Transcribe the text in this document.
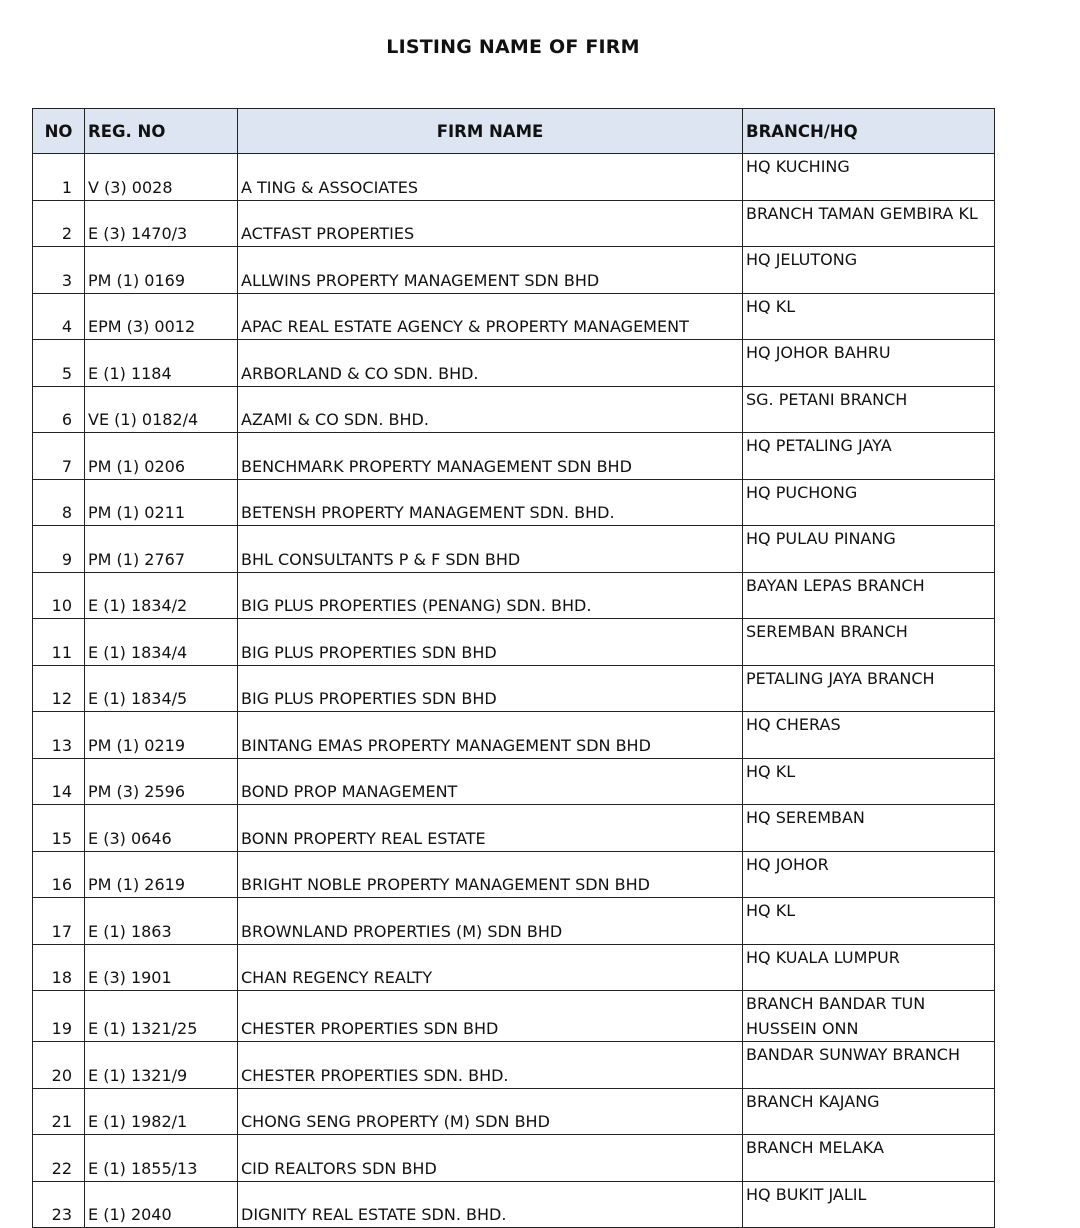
LISTING NAME OF FIRM
NO	REG. NO	FIRM NAME	BRANCH/HQ
1	V (3) 0028	A TING & ASSOCIATES	HQ KUCHING
2	E (3) 1470/3	ACTFAST PROPERTIES	BRANCH TAMAN GEMBIRA KL
3	PM (1) 0169	ALLWINS PROPERTY MANAGEMENT SDN BHD	HQ JELUTONG
4	EPM (3) 0012	APAC REAL ESTATE AGENCY & PROPERTY MANAGEMENT	HQ KL
5	E (1) 1184	ARBORLAND & CO SDN. BHD.	HQ JOHOR BAHRU
6	VE (1) 0182/4	AZAMI & CO SDN. BHD.	SG. PETANI BRANCH
7	PM (1) 0206	BENCHMARK PROPERTY MANAGEMENT SDN BHD	HQ PETALING JAYA
8	PM (1) 0211	BETENSH PROPERTY MANAGEMENT SDN. BHD.	HQ PUCHONG
9	PM (1) 2767	BHL CONSULTANTS P & F SDN BHD	HQ PULAU PINANG
10	E (1) 1834/2	BIG PLUS PROPERTIES (PENANG) SDN. BHD.	BAYAN LEPAS BRANCH
11	E (1) 1834/4	BIG PLUS PROPERTIES SDN BHD	SEREMBAN BRANCH
12	E (1) 1834/5	BIG PLUS PROPERTIES SDN BHD	PETALING JAYA BRANCH
13	PM (1) 0219	BINTANG EMAS PROPERTY MANAGEMENT SDN BHD	HQ CHERAS
14	PM (3) 2596	BOND PROP MANAGEMENT	HQ KL
15	E (3) 0646	BONN PROPERTY REAL ESTATE	HQ SEREMBAN
16	PM (1) 2619	BRIGHT NOBLE PROPERTY MANAGEMENT SDN BHD	HQ JOHOR
17	E (1) 1863	BROWNLAND PROPERTIES (M) SDN BHD	HQ KL
18	E (3) 1901	CHAN REGENCY REALTY	HQ KUALA LUMPUR
19	E (1) 1321/25	CHESTER PROPERTIES SDN BHD	BRANCH BANDAR TUN HUSSEIN ONN
20	E (1) 1321/9	CHESTER PROPERTIES SDN. BHD.	BANDAR SUNWAY BRANCH
21	E (1) 1982/1	CHONG SENG PROPERTY (M) SDN BHD	BRANCH KAJANG
22	E (1) 1855/13	CID REALTORS SDN BHD	BRANCH MELAKA
23	E (1) 2040	DIGNITY REAL ESTATE SDN. BHD.	HQ BUKIT JALIL
